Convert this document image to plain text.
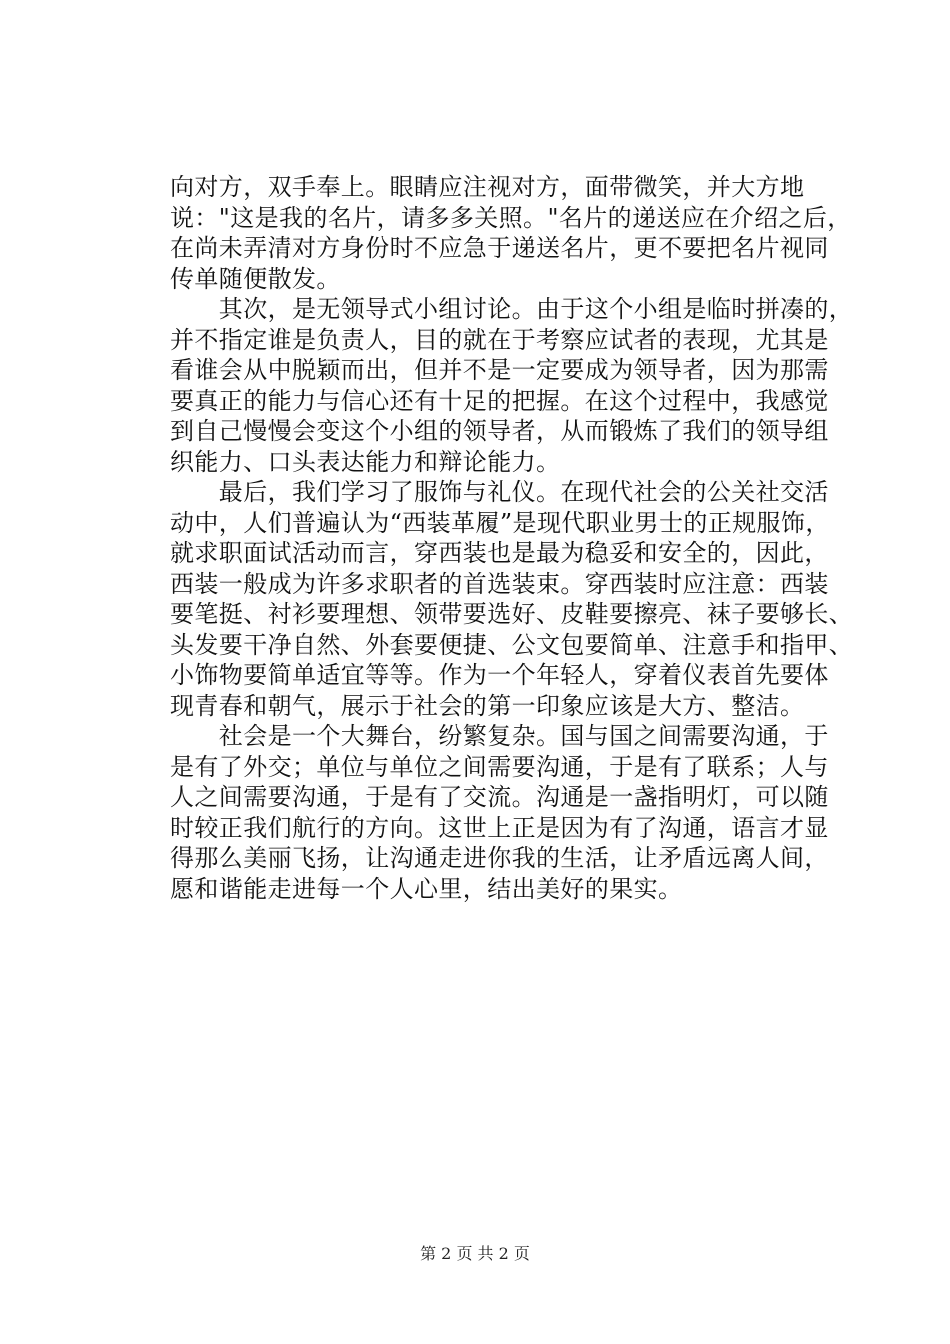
向对方，双手奉上。眼睛应注视对方，面带微笑，并大方地
说："这是我的名片，请多多关照。"名片的递送应在介绍之后，
在尚未弄清对方身份时不应急于递送名片，更不要把名片视同
传单随便散发。
　　其次，是无领导式小组讨论。由于这个小组是临时拼凑的，
并不指定谁是负责人，目的就在于考察应试者的表现，尤其是
看谁会从中脱颖而出，但并不是一定要成为领导者，因为那需
要真正的能力与信心还有十足的把握。在这个过程中，我感觉
到自己慢慢会变这个小组的领导者，从而锻炼了我们的领导组
织能力、口头表达能力和辩论能力。
　　最后，我们学习了服饰与礼仪。在现代社会的公关社交活
动中，人们普遍认为“西装革履”是现代职业男士的正规服饰，
就求职面试活动而言，穿西装也是最为稳妥和安全的，因此，
西装一般成为许多求职者的首选装束。穿西装时应注意：西装
要笔挺、衬衫要理想、领带要选好、皮鞋要擦亮、袜子要够长、
头发要干净自然、外套要便捷、公文包要简单、注意手和指甲、
小饰物要简单适宜等等。作为一个年轻人，穿着仪表首先要体
现青春和朝气，展示于社会的第一印象应该是大方、整洁。
　　社会是一个大舞台，纷繁复杂。国与国之间需要沟通，于
是有了外交；单位与单位之间需要沟通，于是有了联系；人与
人之间需要沟通，于是有了交流。沟通是一盏指明灯，可以随
时较正我们航行的方向。这世上正是因为有了沟通，语言才显
得那么美丽飞扬，让沟通走进你我的生活，让矛盾远离人间，
愿和谐能走进每一个人心里，结出美好的果实。
第 2 页 共 2 页
